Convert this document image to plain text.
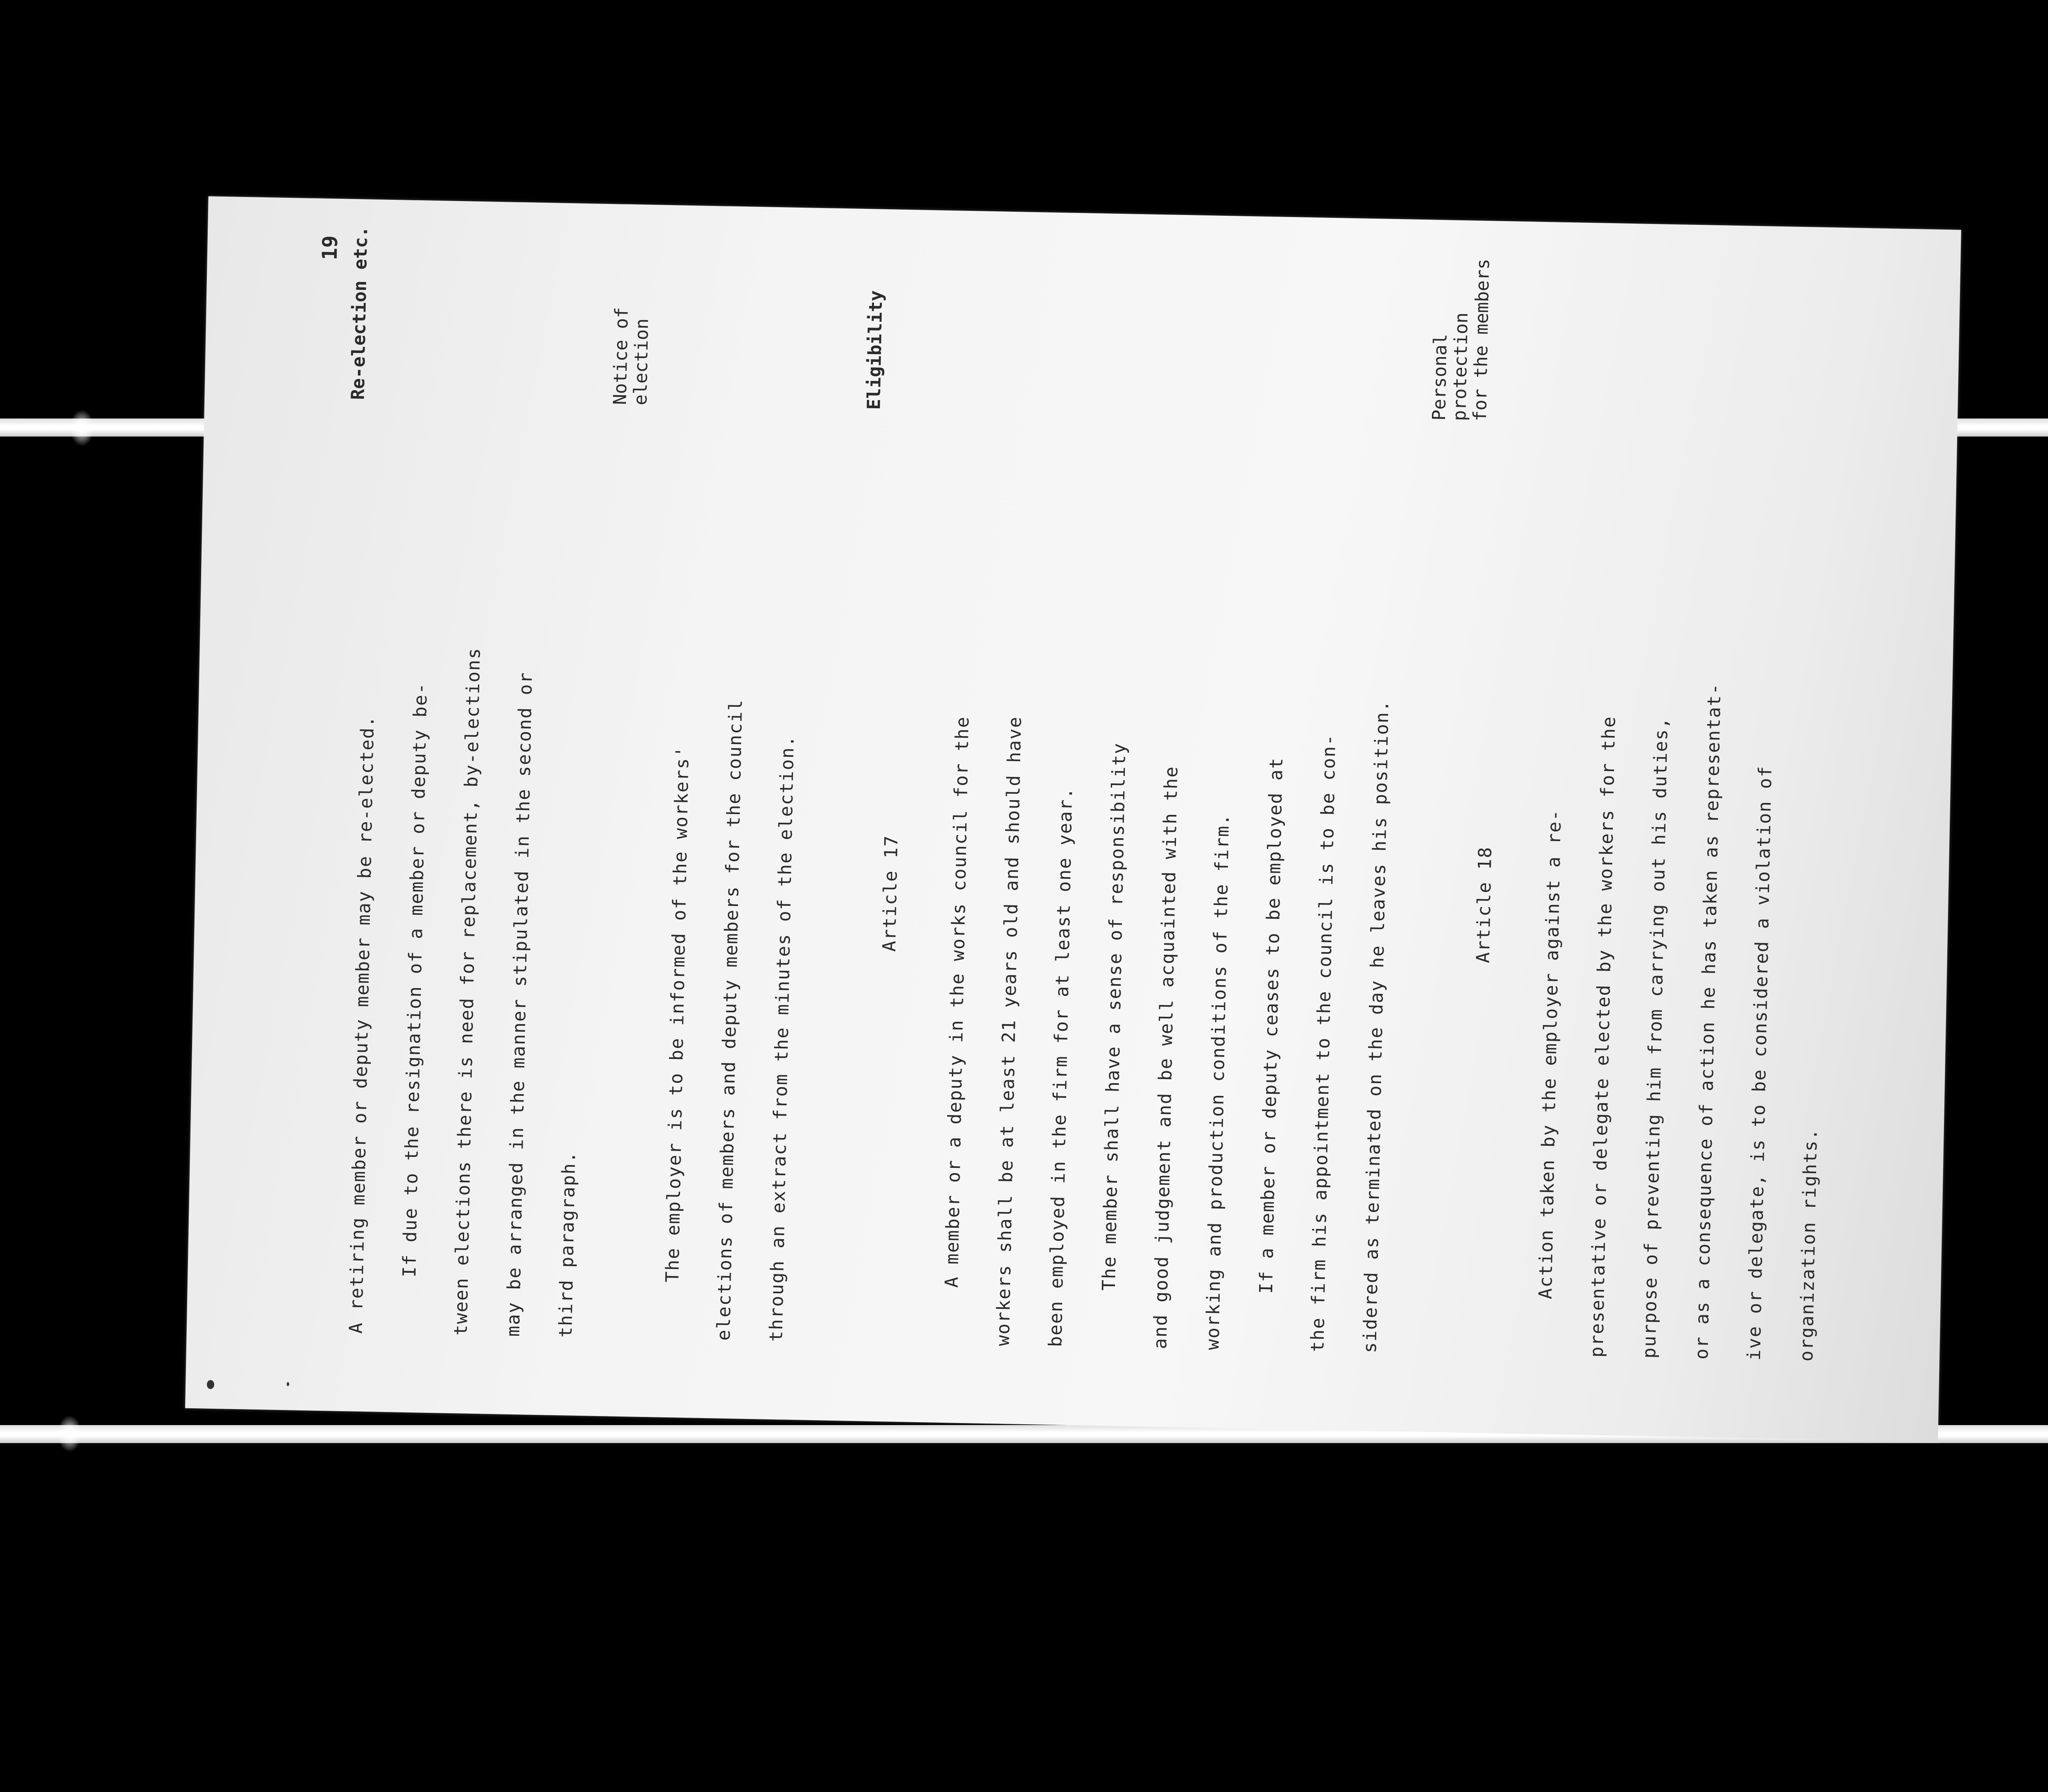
19

A retiring member or deputy member may be re-elected.	If due to the resignation of a member or deputy be-
tween elections there is need for replacement, by-elections
may be arranged in the manner stipulated in the second or
third paragraph.	The employer is to be informed of the workers'
elections of members and deputy members for the council
through an extract from the minutes of the election.	Article 17	A member or a deputy in the works council for the
workers shall be at least 21 years old and should have
been employed in the firm for at least one year.	The member shall have a sense of responsibility
and good judgement and be well acquainted with the
working and production conditions of the firm.	If a member or deputy ceases to be employed at
the firm his appointment to the council is to be con-
sidered as terminated on the day he leaves his position.	Article 18	Action taken by the employer against a re-
presentative or delegate elected by the workers for the
purpose of preventing him from carrying out his duties,
or as a consequence of action he has taken as representat-
ive or delegate, is to be considered a violation of
organization rights.

Re-election etc.	Notice of
election	Eligibility	Personal
protection
for the members
